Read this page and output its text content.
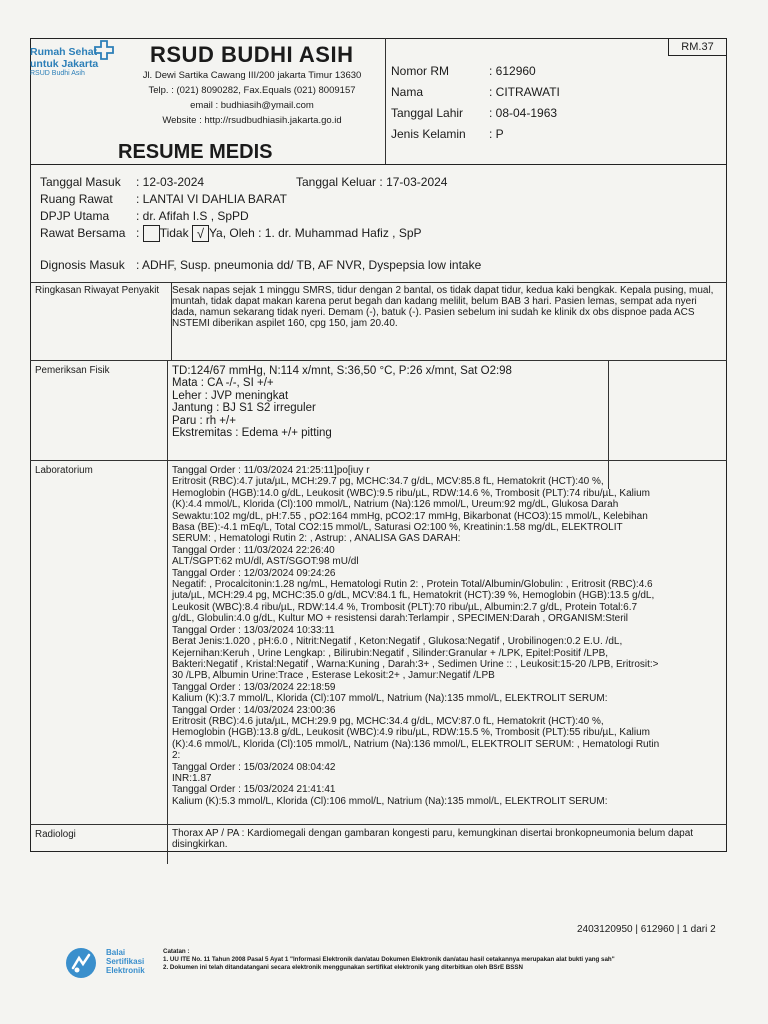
RM.37
Rumah Sehat
untuk Jakarta
RSUD Budhi Asih
RSUD BUDHI ASIH
Jl. Dewi Sartika Cawang III/200 jakarta Timur 13630
Telp. : (021) 8090282, Fax.Equals (021) 8009157
email : budhiasih@ymail.com
Website : http://rsudbudhiasih.jakarta.go.id
RESUME MEDIS
Nomor RM	: 612960
Nama	: CITRAWATI
Tanggal Lahir : 08-04-1963
Jenis Kelamin : P
Tanggal Masuk : 12-03-2024	Tanggal Keluar : 17-03-2024
Ruang Rawat : LANTAI VI DAHLIA BARAT
DPJP Utama : dr. Afifah I.S , SpPD
Rawat Bersama : Tidak √ Ya, Oleh : 1. dr. Muhammad Hafiz , SpP
Dignosis Masuk : ADHF, Susp. pneumonia dd/ TB, AF NVR, Dyspepsia low intake
Ringkasan Riwayat Penyakit	Sesak napas sejak 1 minggu SMRS, tidur dengan 2 bantal, os tidak dapat tidur, kedua kaki bengkak. Kepala pusing, mual, muntah, tidak dapat makan karena perut begah dan kadang melilit, belum BAB 3 hari. Pasien lemas, sempat ada nyeri dada, namun sekarang tidak nyeri. Demam (-), batuk (-). Pasien sebelum ini sudah ke klinik dx obs dispnoe pada ACS NSTEMI diberikan aspilet 160, cpg 150, jam 20.40.
Pemeriksan Fisik	TD:124/67 mmHg, N:114 x/mnt, S:36,50 °C, P:26 x/mnt, Sat O2:98
Mata : CA -/-, SI +/+
Leher : JVP meningkat
Jantung : BJ S1 S2 irreguler
Paru : rh +/+
Ekstremitas : Edema +/+ pitting
Laboratorium	Tanggal Order : 11/03/2024 21:25:11]po[iuy r

Eritrosit (RBC):4.7 juta/µL, MCH:29.7 pg, MCHC:34.7 g/dL, MCV:85.8 fL, Hematokrit (HCT):40 %,

Hemoglobin (HGB):14.0 g/dL, Leukosit (WBC):9.5 ribu/µL, RDW:14.6 %, Trombosit (PLT):74 ribu/µL, Kalium

(K):4.4 mmol/L, Klorida (Cl):100 mmol/L, Natrium (Na):126 mmol/L, Ureum:92 mg/dL, Glukosa Darah

Sewaktu:102 mg/dL, pH:7.55 , pO2:164 mmHg, pCO2:17 mmHg, Bikarbonat (HCO3):15 mmol/L, Kelebihan

Basa (BE):-4.1 mEq/L, Total CO2:15 mmol/L, Saturasi O2:100 %, Kreatinin:1.58 mg/dL, ELEKTROLIT

SERUM: , Hematologi Rutin 2: , Astrup: , ANALISA GAS DARAH:

Tanggal Order : 11/03/2024 22:26:40

ALT/SGPT:62 mU/dl, AST/SGOT:98 mU/dl

Tanggal Order : 12/03/2024 09:24:26

Negatif: , Procalcitonin:1.28 ng/mL, Hematologi Rutin 2: , Protein Total/Albumin/Globulin: , Eritrosit (RBC):4.6

juta/µL, MCH:29.4 pg, MCHC:35.0 g/dL, MCV:84.1 fL, Hematokrit (HCT):39 %, Hemoglobin (HGB):13.5 g/dL,

Leukosit (WBC):8.4 ribu/µL, RDW:14.4 %, Trombosit (PLT):70 ribu/µL, Albumin:2.7 g/dL, Protein Total:6.7

g/dL, Globulin:4.0 g/dL, Kultur MO + resistensi darah:Terlampir , SPECIMEN:Darah , ORGANISM:Steril

Tanggal Order : 13/03/2024 10:33:11

Berat Jenis:1.020 , pH:6.0 , Nitrit:Negatif , Keton:Negatif , Glukosa:Negatif , Urobilinogen:0.2 E.U. /dL,

Kejernihan:Keruh , Urine Lengkap: , Bilirubin:Negatif , Silinder:Granular + /LPK, Epitel:Positif /LPB,

Bakteri:Negatif , Kristal:Negatif , Warna:Kuning , Darah:3+ , Sedimen Urine :: , Leukosit:15-20 /LPB, Eritrosit:>

30 /LPB, Albumin Urine:Trace , Esterase Lekosit:2+ , Jamur:Negatif /LPB

Tanggal Order : 13/03/2024 22:18:59

Kalium (K):3.7 mmol/L, Klorida (Cl):107 mmol/L, Natrium (Na):135 mmol/L, ELEKTROLIT SERUM:

Tanggal Order : 14/03/2024 23:00:36

Eritrosit (RBC):4.6 juta/µL, MCH:29.9 pg, MCHC:34.4 g/dL, MCV:87.0 fL, Hematokrit (HCT):40 %,

Hemoglobin (HGB):13.8 g/dL, Leukosit (WBC):4.9 ribu/µL, RDW:15.5 %, Trombosit (PLT):55 ribu/µL, Kalium

(K):4.6 mmol/L, Klorida (Cl):105 mmol/L, Natrium (Na):136 mmol/L, ELEKTROLIT SERUM: , Hematologi Rutin

2:

Tanggal Order : 15/03/2024 08:04:42

INR:1.87

Tanggal Order : 15/03/2024 21:41:41

Kalium (K):5.3 mmol/L, Klorida (Cl):106 mmol/L, Natrium (Na):135 mmol/L, ELEKTROLIT SERUM:

Radiologi	Thorax AP / PA : Kardiomegali dengan gambaran kongesti paru, kemungkinan disertai bronkopneumonia belum dapat disingkirkan.
2403120950 | 612960 | 1 dari 2
Balai
Sertifikasi
Elektronik
Catatan :
1. UU ITE No. 11 Tahun 2008 Pasal 5 Ayat 1 "Informasi Elektronik dan/atau Dokumen Elektronik dan/atau hasil cetakannya merupakan alat bukti yang sah"
2. Dokumen ini telah ditandatangani secara elektronik menggunakan sertifikat elektronik yang diterbitkan oleh BSrE BSSN
